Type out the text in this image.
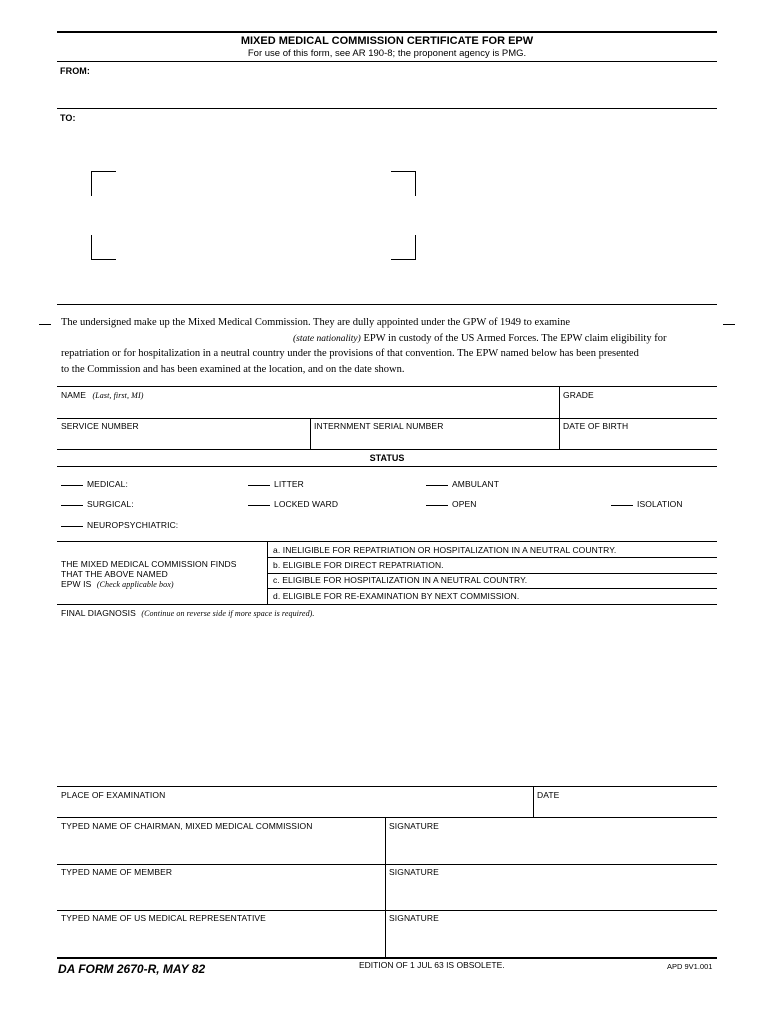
MIXED MEDICAL COMMISSION CERTIFICATE FOR EPW
For use of this form, see AR 190-8; the proponent agency is PMG.
FROM:
TO:
The undersigned make up the Mixed Medical Commission. They are dully appointed under the GPW of 1949 to examine
(state nationality) EPW in custody of the US Armed Forces. The EPW claim eligibility for
repatriation or for hospitalization in a neutral country under the provisions of that convention. The EPW named below has been presented
to the Commission and has been examined at the location, and on the date shown.
NAME (Last, first, MI)	GRADE
SERVICE NUMBER	INTERNMENT SERIAL NUMBER	DATE OF BIRTH
STATUS
MEDICAL:	LITTER	AMBULANT
SURGICAL:	LOCKED WARD	OPEN	ISOLATION
NEUROPSYCHIATRIC:
THE MIXED MEDICAL COMMISSION FINDS
THAT THE ABOVE NAMED
EPW IS (Check applicable box)
a. INELIGIBLE FOR REPATRIATION OR HOSPITALIZATION IN A NEUTRAL COUNTRY.
b. ELIGIBLE FOR DIRECT REPATRIATION.
c. ELIGIBLE FOR HOSPITALIZATION IN A NEUTRAL COUNTRY.
d. ELIGIBLE FOR RE-EXAMINATION BY NEXT COMMISSION.
FINAL DIAGNOSIS (Continue on reverse side if more space is required).
PLACE OF EXAMINATION	DATE
TYPED NAME OF CHAIRMAN, MIXED MEDICAL COMMISSION	SIGNATURE
TYPED NAME OF MEMBER	SIGNATURE
TYPED NAME OF US MEDICAL REPRESENTATIVE	SIGNATURE
DA FORM 2670-R, MAY 82	EDITION OF 1 JUL 63 IS OBSOLETE.	APD 9V1.001
